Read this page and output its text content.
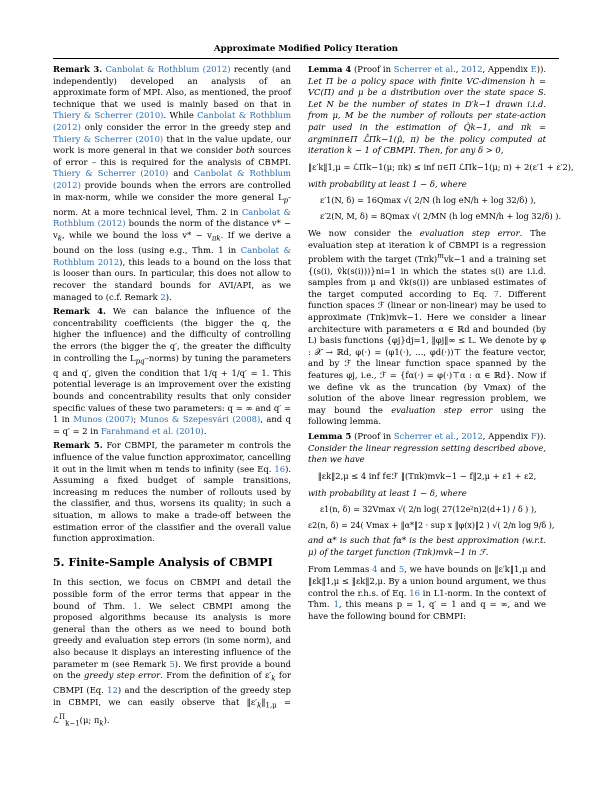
Approximate Modified Policy Iteration

Remark 3. Canbolat & Rothblum (2012) recently (and independently) developed an analysis of an approximate form of MPI. Also, as mentioned, the proof technique that we used is mainly based on that in Thiery & Scherrer (2010). While Canbolat & Rothblum (2012) only consider the error in the greedy step and Thiery & Scherrer (2010) that in the value update, our work is more general in that we consider both sources of error – this is required for the analysis of CBMPI. Thiery & Scherrer (2010) and Canbolat & Rothblum (2012) provide bounds when the errors are controlled in max-norm, while we consider the more general $L_p$-norm. At a more technical level, Thm. 2 in Canbolat & Rothblum (2012) bounds the norm of the distance $v* - v_k$, while we bound the loss $v* - v_{\pi k}$. If we derive a bound on the loss (using e.g., Thm. 1 in Canbolat & Rothblum 2012), this leads to a bound on the loss that is looser than ours. In particular, this does not allow to recover the standard bounds for AVI/API, as we managed to (c.f. Remark 2).

Remark 4. We can balance the influence of the concentrability coefficients (the bigger the q, the higher the influence) and the difficulty of controlling the errors (the bigger the q′, the greater the difficulty in controlling the $L_{pq'}-norms$) by tuning the parameters q and q′, given the condition that 1/q + 1/q′ = 1. This potential leverage is an improvement over the existing bounds and concentrability results that only consider specific values of these two parameters: q = ∞ and q′ = 1 in Munos (2007); Munos & Szepesvári (2008), and q = q′ = 2 in Farahmand et al. (2010).

Remark 5. For CBMPI, the parameter m controls the influence of the value function approximator, cancelling it out in the limit when m tends to infinity (see Eq. 16). Assuming a fixed budget of sample transitions, increasing m reduces the number of rollouts used by the classifier, and thus, worsens its quality; in such a situation, m allows to make a trade-off between the estimation error of the classifier and the overall value function approximation.

5. Finite-Sample Analysis of CBMPI

In this section, we focus on CBMPI and detail the possible form of the error terms that appear in the bound of Thm. 1. We select CBMPI among the proposed algorithms because its analysis is more general than the others as we need to bound both greedy and evaluation step errors (in some norm), and also because it displays an interesting influence of the parameter m (see Remark 5). We first provide a bound on the greedy step error. From the definition of $\varepsilon'_k$ for CBMPI (Eq. 12) and the description of the greedy step in CBMPI, we can easily observe that $‖\varepsilon'_k‖_{1,\mu}$ = ℒ$^\Pi_{k-1}$(μ; $\pi_k$).

Lemma 4 (Proof in Scherrer et al., 2012, Appendix E)). Let Π be a policy space with finite VC-dimension h = VC(Π) and μ be a distribution over the state space S. Let N be the number of states in D′k−1 drawn i.i.d. from μ, M be the number of rollouts per state-action pair used in the estimation of Q̂k−1, and πk = argminπ∈Π ℒ̂Πk−1(μ̂, π) be the policy computed at iteration k − 1 of CBMPI. Then, for any δ > 0,

‖ε′k‖1,μ = ℒΠk−1(μ; πk) ≤ inf π∈Π ℒΠk−1(μ; π) + 2(ε′1 + ε′2),

with probability at least 1 − δ, where

ε′1(N, δ) = 16Qmax √( 2/N (h log eN/h + log 32/δ) ),
ε′2(N, M, δ) = 8Qmax √( 2/MN (h log eMN/h + log 32/δ) ).

We now consider the evaluation step error. The evaluation step at iteration k of CBMPI is a regression problem with the target $(T\pi k)^mvk-1$ and a training set {(s(i), v̂k(s(i)))}ni=1 in which the states s(i) are i.i.d. samples from μ and v̂k(s(i)) are unbiased estimates of the target computed according to Eq. 7. Different function spaces ℱ (linear or non-linear) may be used to approximate (Tπk)mvk−1. Here we consider a linear architecture with parameters α ∈ ℝd and bounded (by L) basis functions {φj}dj=1, ‖φj‖∞ ≤ L. We denote by φ : 𝒳 → ℝd, φ(·) = (φ1(·), ..., φd(·))⊤ the feature vector, and by ℱ the linear function space spanned by the features φj, i.e., ℱ = {fα(·) = φ(·)⊤α : α ∈ ℝd}. Now if we define vk as the truncation (by Vmax) of the solution of the above linear regression problem, we may bound the evaluation step error using the following lemma.

Lemma 5 (Proof in Scherrer et al., 2012, Appendix F)). Consider the linear regression setting described above, then we have

‖εk‖2,μ ≤ 4 inf f∈ℱ ‖(Tπk)mvk−1 − f‖2,μ + ε1 + ε2,

with probability at least 1 − δ, where

ε1(n, δ) = 32Vmax √( 2/n log( 27(12e²n)2(d+1) / δ ) ),
ε2(n, δ) = 24( Vmax + ‖α*‖2 · sup x ‖φ(x)‖2 ) √( 2/n log 9/δ ),

and α* is such that fα* is the best approximation (w.r.t. μ) of the target function (Tπk)mvk−1 in ℱ.

From Lemmas 4 and 5, we have bounds on ‖ε′k‖1,μ and ‖εk‖1,μ ≤ ‖εk‖2,μ. By a union bound argument, we thus control the r.h.s. of Eq. 16 in L1-norm. In the context of Thm. 1, this means p = 1, q′ = 1 and q = ∞, and we have the following bound for CBMPI:
